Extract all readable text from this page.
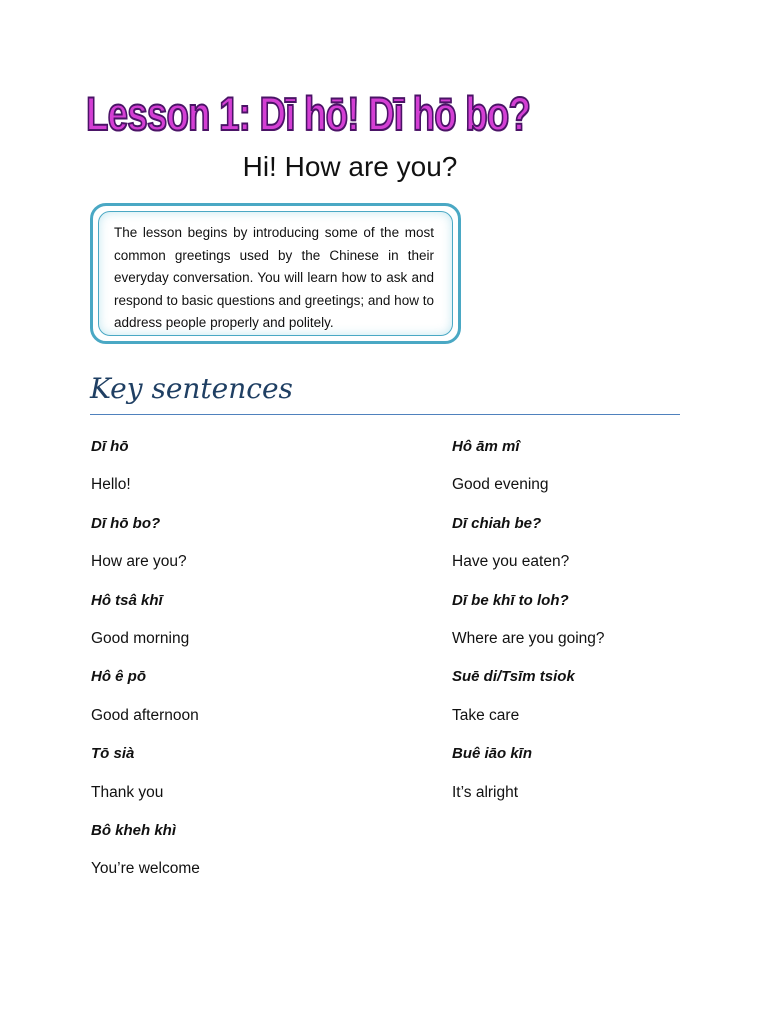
Lesson 1: Dī hō! Dī hō bo?
Hi! How are you?
The lesson begins by introducing some of the most common greetings used by the Chinese in their everyday conversation. You will learn how to ask and respond to basic questions and greetings; and how to address people properly and politely.
Key sentences

Dī hō

Hello!

Dī hō bo?

How are you?

Hô tsâ khī

Good morning

Hô ê pō

Good afternoon

Tō sià

Thank you

Bô kheh khì

You’re welcome

Hô ām mî

Good evening

Dī chiah be?

Have you eaten?

Dī be khī to loh?

Where are you going?

Suē di/Tsīm tsiok

Take care

Buê iāo kīn

It’s alright
